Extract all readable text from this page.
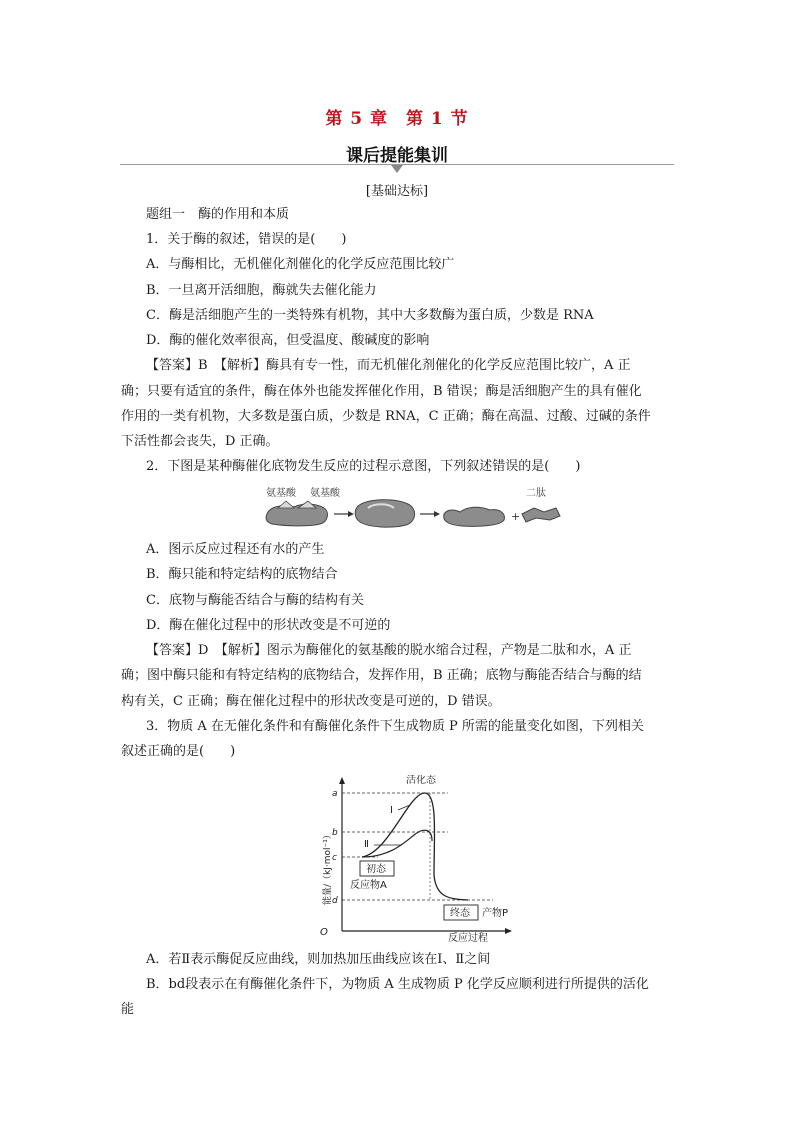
第 5 章　第 1 节
课后提能集训
[基础达标]
题组一　酶的作用和本质
1．关于酶的叙述，错误的是(　　)
A．与酶相比，无机催化剂催化的化学反应范围比较广
B．一旦离开活细胞，酶就失去催化能力
C．酶是活细胞产生的一类特殊有机物，其中大多数酶为蛋白质，少数是 RNA
D．酶的催化效率很高，但受温度、酸碱度的影响
【答案】B　【解析】酶具有专一性，而无机催化剂催化的化学反应范围比较广，A 正
确；只要有适宜的条件，酶在体外也能发挥催化作用，B 错误；酶是活细胞产生的具有催化
作用的一类有机物，大多数是蛋白质，少数是 RNA，C 正确；酶在高温、过酸、过碱的条件
下活性都会丧失，D 正确。
2．下图是某种酶催化底物发生反应的过程示意图，下列叙述错误的是(　　)
氨基酸 氨基酸
+
二肽
A．图示反应过程还有水的产生
B．酶只能和特定结构的底物结合
C．底物与酶能否结合与酶的结构有关
D．酶在催化过程中的形状改变是不可逆的
【答案】D　【解析】图示为酶催化的氨基酸的脱水缩合过程，产物是二肽和水，A 正
确；图中酶只能和有特定结构的底物结合，发挥作用，B 正确；底物与酶能否结合与酶的结
构有关，C 正确；酶在催化过程中的形状改变是可逆的，D 错误。
3．物质 A 在无催化条件和有酶催化条件下生成物质 P 所需的能量变化如图，下列相关
叙述正确的是(　　)
O
反应过程
能量/（kJ·mol⁻¹）
a
b
c
d
活化态
Ⅰ
Ⅱ
初态
反应物A
终态 产物P
A．若Ⅱ表示酶促反应曲线，则加热加压曲线应该在Ⅰ、Ⅱ之间
B．bd段表示在有酶催化条件下，为物质 A 生成物质 P 化学反应顺利进行所提供的活化
能
